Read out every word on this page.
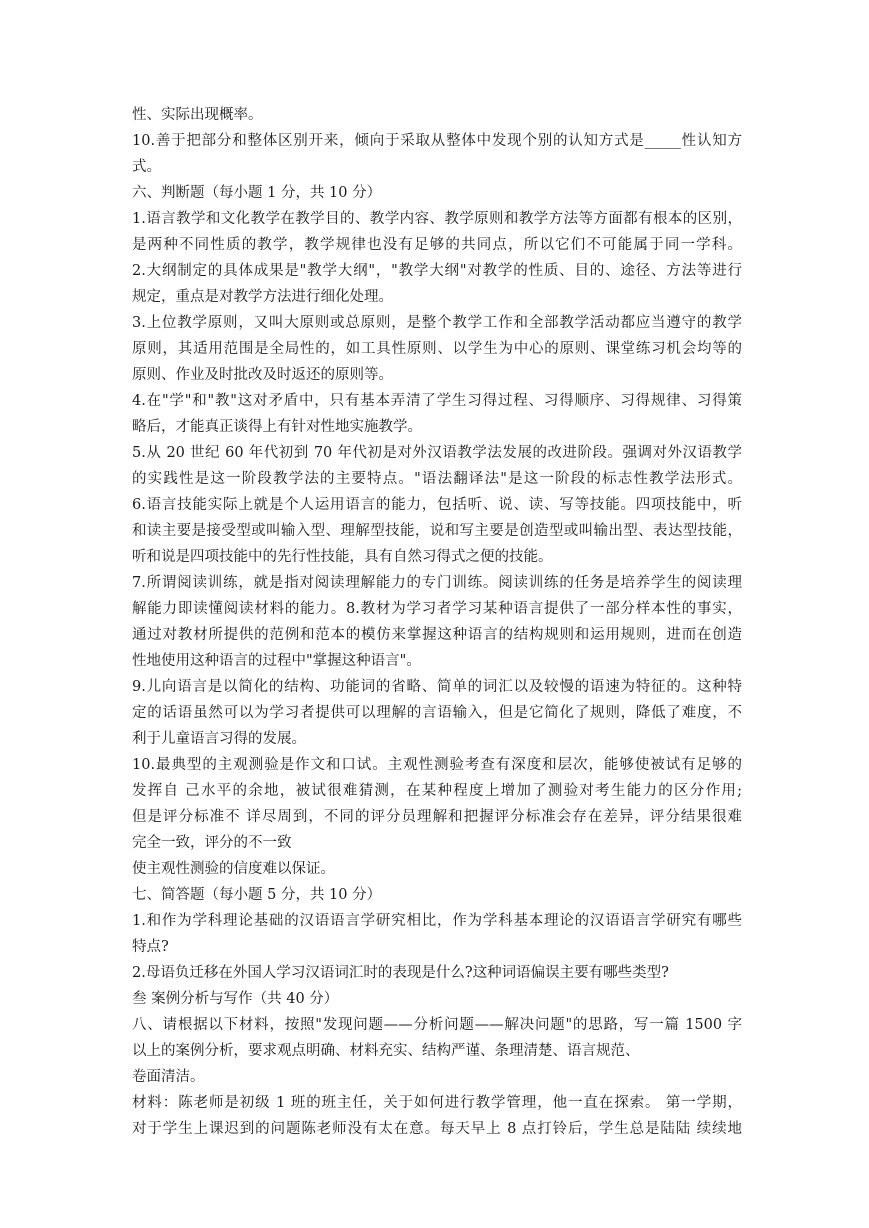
性、实际出现概率。
10.善于把部分和整体区别开来，倾向于采取从整体中发现个别的认知方式是_____性认知方
式。
六、判断题（每小题 1 分，共 10 分）
1.语言教学和文化教学在教学目的、教学内容、教学原则和教学方法等方面都有根本的区别，
是两种不同性质的教学，教学规律也没有足够的共同点，所以它们不可能属于同一学科。
2.大纲制定的具体成果是"教学大纲"，"教学大纲"对教学的性质、目的、途径、方法等进行
规定，重点是对教学方法进行细化处理。
3.上位教学原则，又叫大原则或总原则，是整个教学工作和全部教学活动都应当遵守的教学
原则，其适用范围是全局性的，如工具性原则、以学生为中心的原则、课堂练习机会均等的
原则、作业及时批改及时返还的原则等。
4.在"学"和"教"这对矛盾中，只有基本弄清了学生习得过程、习得顺序、习得规律、习得策
略后，才能真正谈得上有针对性地实施教学。
5.从 20 世纪 60 年代初到 70 年代初是对外汉语教学法发展的改进阶段。强调对外汉语教学
的实践性是这一阶段教学法的主要特点。"语法翻译法"是这一阶段的标志性教学法形式。
6.语言技能实际上就是个人运用语言的能力，包括听、说、读、写等技能。四项技能中，听
和读主要是接受型或叫输入型、理解型技能，说和写主要是创造型或叫输出型、表达型技能，
听和说是四项技能中的先行性技能，具有自然习得式之便的技能。
7.所谓阅读训练，就是指对阅读理解能力的专门训练。阅读训练的任务是培养学生的阅读理
解能力即读懂阅读材料的能力。8.教材为学习者学习某种语言提供了一部分样本性的事实，
通过对教材所提供的范例和范本的模仿来掌握这种语言的结构规则和运用规则，进而在创造
性地使用这种语言的过程中"掌握这种语言"。
9.儿向语言是以简化的结构、功能词的省略、简单的词汇以及较慢的语速为特征的。这种特
定的话语虽然可以为学习者提供可以理解的言语输入，但是它简化了规则，降低了难度，不
利于儿童语言习得的发展。
10.最典型的主观测验是作文和口试。主观性测验考查有深度和层次，能够使被试有足够的
发挥自 己水平的余地，被试很难猜测，在某种程度上增加了测验对考生能力的区分作用;
但是评分标准不 详尽周到，不同的评分员理解和把握评分标准会存在差异，评分结果很难
完全一致，评分的不一致
使主观性测验的信度难以保证。
七、简答题（每小题 5 分，共 10 分）
1.和作为学科理论基础的汉语语言学研究相比，作为学科基本理论的汉语语言学研究有哪些
特点?
2.母语负迁移在外国人学习汉语词汇时的表现是什么?这种词语偏误主要有哪些类型?
叁 案例分析与写作（共 40 分）
八、请根据以下材料，按照"发现问题——分析问题——解决问题"的思路，写一篇 1500 字
以上的案例分析，要求观点明确、材料充实、结构严谨、条理清楚、语言规范、
卷面清洁。
材料：陈老师是初级 1 班的班主任，关于如何进行教学管理，他一直在探索。 第一学期，
对于学生上课迟到的问题陈老师没有太在意。每天早上 8 点打铃后，学生总是陆陆 续续地
